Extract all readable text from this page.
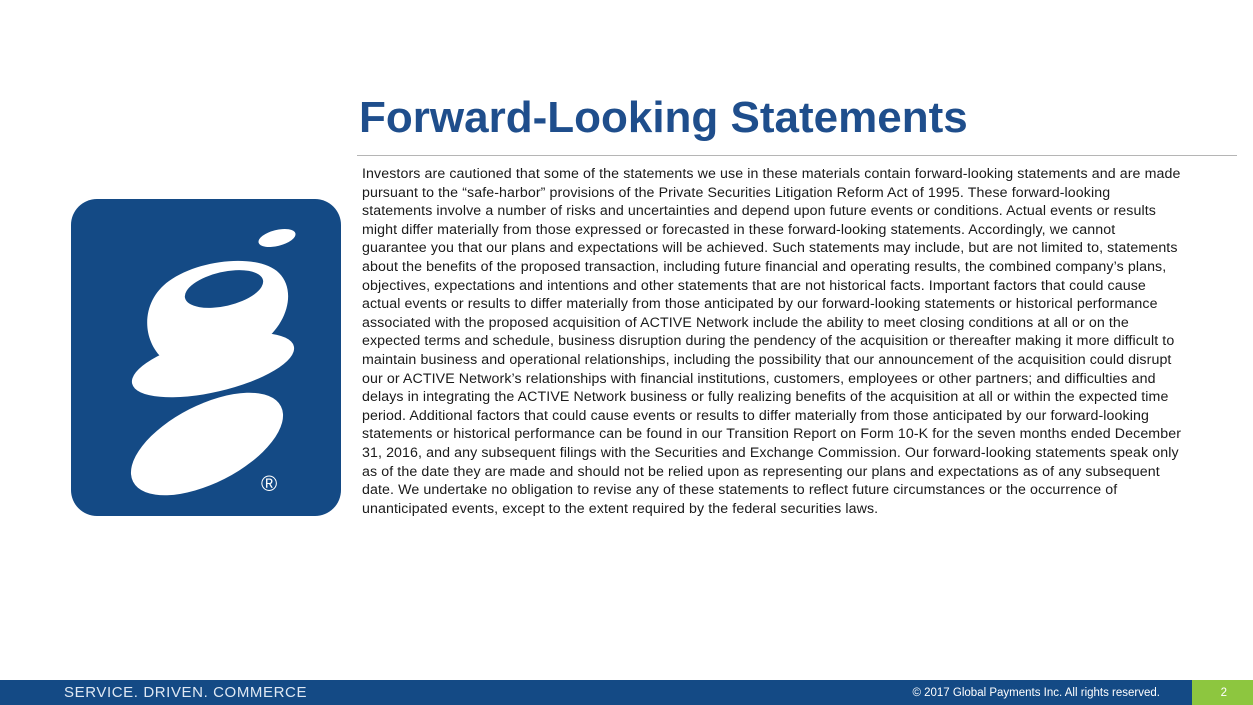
Forward-Looking Statements

Investors are cautioned that some of the statements we use in these materials contain forward-looking statements and are made pursuant to the “safe-harbor” provisions of the Private Securities Litigation Reform Act of 1995. These forward-looking statements involve a number of risks and uncertainties and depend upon future events or conditions. Actual events or results might differ materially from those expressed or forecasted in these forward-looking statements. Accordingly, we cannot guarantee you that our plans and expectations will be achieved. Such statements may include, but are not limited to, statements about the benefits of the proposed transaction, including future financial and operating results, the combined company’s plans, objectives, expectations and intentions and other statements that are not historical facts. Important factors that could cause actual events or results to differ materially from those anticipated by our forward-looking statements or historical performance associated with the proposed acquisition of ACTIVE Network include the ability to meet closing conditions at all or on the expected terms and schedule, business disruption during the pendency of the acquisition or thereafter making it more difficult to maintain business and operational relationships, including the possibility that our announcement of the acquisition could disrupt our or ACTIVE Network’s relationships with financial institutions, customers, employees or other partners; and difficulties and delays in integrating the ACTIVE Network business or fully realizing benefits of the acquisition at all or within the expected time period. Additional factors that could cause events or results to differ materially from those anticipated by our forward-looking statements or historical performance can be found in our Transition Report on Form 10-K for the seven months ended December 31, 2016, and any subsequent filings with the Securities and Exchange Commission. Our forward-looking statements speak only as of the date they are made and should not be relied upon as representing our plans and expectations as of any subsequent date. We undertake no obligation to revise any of these statements to reflect future circumstances or the occurrence of unanticipated events, except to the extent required by the federal securities laws.

®
SERVICE. DRIVEN. COMMERCE	© 2017 Global Payments Inc. All rights reserved.	2
